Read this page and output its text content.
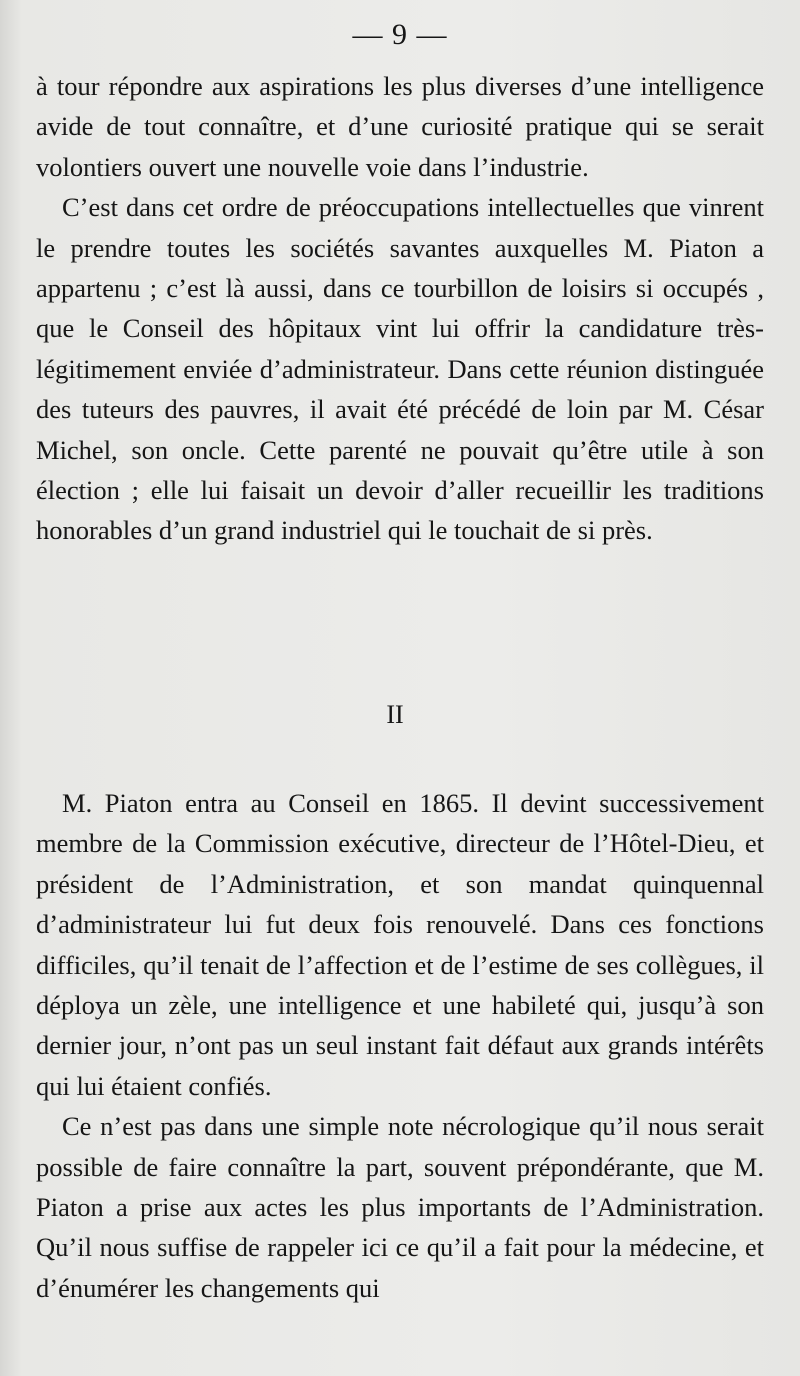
— 9 —

à tour répondre aux aspirations les plus diverses d’une intelligence avide de tout connaître, et d’une curiosité pratique qui se serait volontiers ouvert une nouvelle voie dans l’industrie.

C’est dans cet ordre de préoccupations intellectuelles que vinrent le prendre toutes les sociétés savantes auxquelles M. Piaton a appartenu ; c’est là aussi, dans ce tourbillon de loisirs si occupés , que le Conseil des hôpitaux vint lui offrir la candidature très-légitimement enviée d’administrateur. Dans cette réunion distinguée des tuteurs des pauvres, il avait été précédé de loin par M. César Michel, son oncle. Cette parenté ne pouvait qu’être utile à son élection ; elle lui faisait un devoir d’aller recueillir les traditions honorables d’un grand industriel qui le touchait de si près.

II

M. Piaton entra au Conseil en 1865. Il devint successivement membre de la Commission exécutive, directeur de l’Hôtel-Dieu, et président de l’Administration, et son mandat quinquennal d’administrateur lui fut deux fois renouvelé. Dans ces fonctions difficiles, qu’il tenait de l’affection et de l’estime de ses collègues, il déploya un zèle, une intelligence et une habileté qui, jusqu’à son dernier jour, n’ont pas un seul instant fait défaut aux grands intérêts qui lui étaient confiés.

Ce n’est pas dans une simple note nécrologique qu’il nous serait possible de faire connaître la part, souvent prépondérante, que M. Piaton a prise aux actes les plus importants de l’Administration. Qu’il nous suffise de rappeler ici ce qu’il a fait pour la médecine, et d’énumérer les changements qui
